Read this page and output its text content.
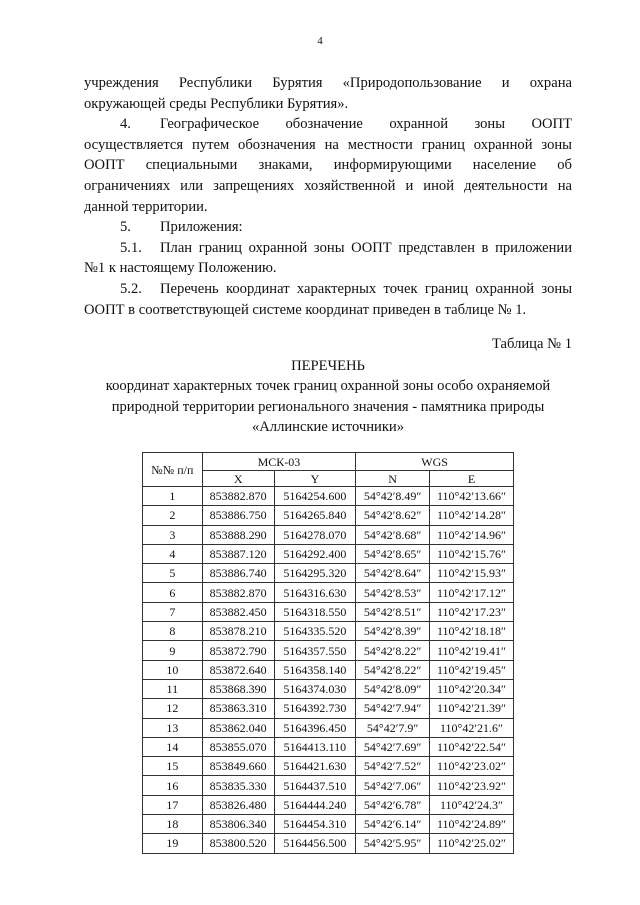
4

учреждения Республики Бурятия «Природопользование и охрана окружающей среды Республики Бурятия».

4. Географическое обозначение охранной зоны ООПТ осуществляется путем обозначения на местности границ охранной зоны ООПТ специальными знаками, информирующими население об ограничениях или запрещениях хозяйственной и иной деятельности на данной территории.

5. Приложения:

5.1. План границ охранной зоны ООПТ представлен в приложении №1 к настоящему Положению.

5.2. Перечень координат характерных точек границ охранной зоны ООПТ в соответствующей системе координат приведен в таблице № 1.

Таблица № 1
ПЕРЕЧЕНЬ
координат характерных точек границ охранной зоны особо охраняемой природной территории регионального значения - памятника природы «Аллинские источники»
№№ п/п	МСК-03		WGS	
	X	Y	N	E
1	853882.870	5164254.600	54°42′8.49″	110°42′13.66″
2	853886.750	5164265.840	54°42′8.62″	110°42′14.28″
3	853888.290	5164278.070	54°42′8.68″	110°42′14.96″
4	853887.120	5164292.400	54°42′8.65″	110°42′15.76″
5	853886.740	5164295.320	54°42′8.64″	110°42′15.93″
6	853882.870	5164316.630	54°42′8.53″	110°42′17.12″
7	853882.450	5164318.550	54°42′8.51″	110°42′17.23″
8	853878.210	5164335.520	54°42′8.39″	110°42′18.18″
9	853872.790	5164357.550	54°42′8.22″	110°42′19.41″
10	853872.640	5164358.140	54°42′8.22″	110°42′19.45″
11	853868.390	5164374.030	54°42′8.09″	110°42′20.34″
12	853863.310	5164392.730	54°42′7.94″	110°42′21.39″
13	853862.040	5164396.450	54°42′7.9″	110°42′21.6″
14	853855.070	5164413.110	54°42′7.69″	110°42′22.54″
15	853849.660	5164421.630	54°42′7.52″	110°42′23.02″
16	853835.330	5164437.510	54°42′7.06″	110°42′23.92″
17	853826.480	5164444.240	54°42′6.78″	110°42′24.3″
18	853806.340	5164454.310	54°42′6.14″	110°42′24.89″
19	853800.520	5164456.500	54°42′5.95″	110°42′25.02″
